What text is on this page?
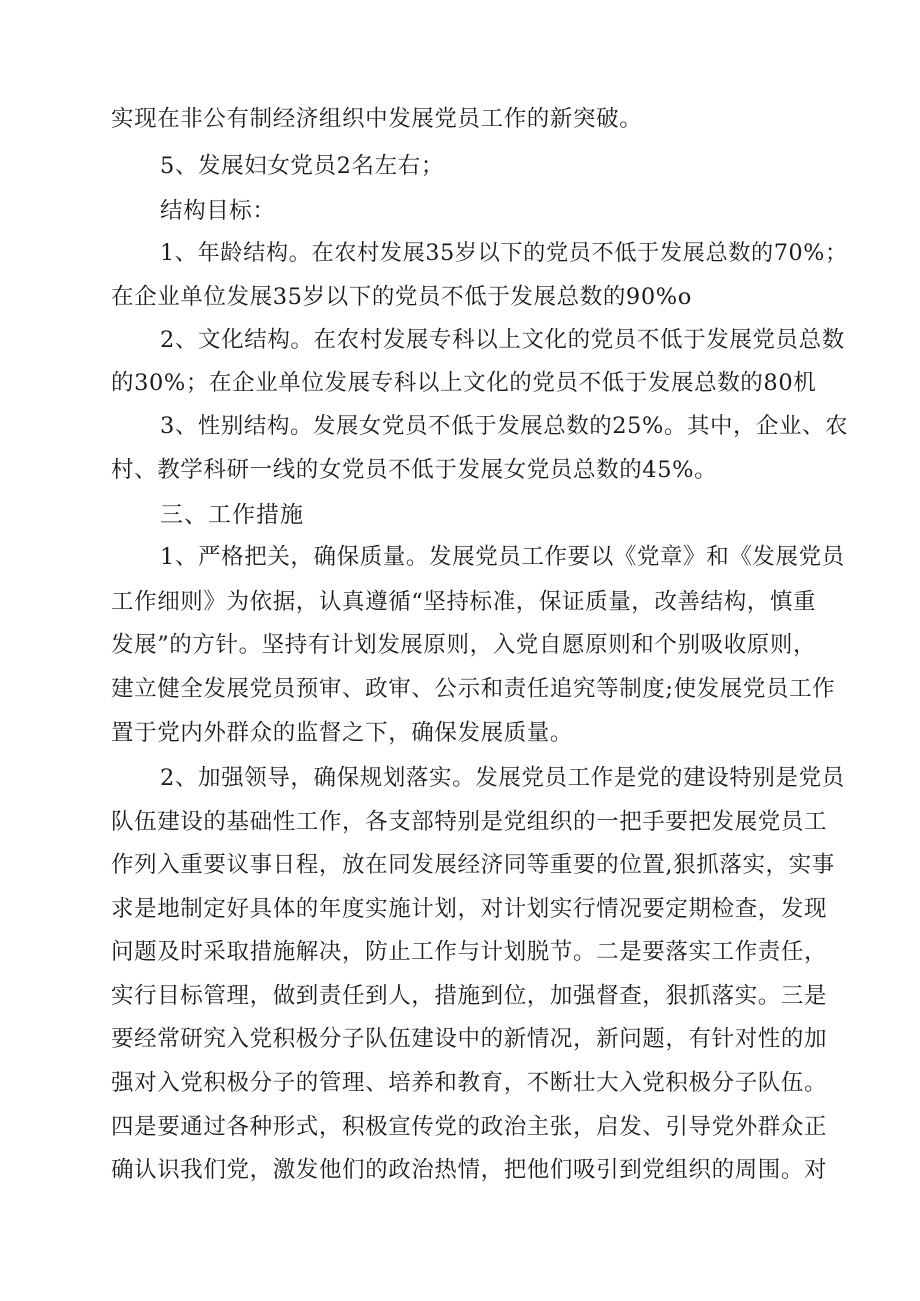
实现在非公有制经济组织中发展党员工作的新突破。
5、发展妇女党员2名左右；
结构目标：
1、年龄结构。在农村发展35岁以下的党员不低于发展总数的70%；
在企业单位发展35岁以下的党员不低于发展总数的90%o
2、文化结构。在农村发展专科以上文化的党员不低于发展党员总数
的30%；在企业单位发展专科以上文化的党员不低于发展总数的80机
3、性别结构。发展女党员不低于发展总数的25%。其中，企业、农
村、教学科研一线的女党员不低于发展女党员总数的45%。
三、工作措施
1、严格把关，确保质量。发展党员工作要以《党章》和《发展党员
工作细则》为依据，认真遵循“坚持标准，保证质量，改善结构，慎重
发展”的方针。坚持有计划发展原则，入党自愿原则和个别吸收原则，
建立健全发展党员预审、政审、公示和责任追究等制度;使发展党员工作
置于党内外群众的监督之下，确保发展质量。
2、加强领导，确保规划落实。发展党员工作是党的建设特别是党员
队伍建设的基础性工作，各支部特别是党组织的一把手要把发展党员工
作列入重要议事日程，放在同发展经济同等重要的位置,狠抓落实，实事
求是地制定好具体的年度实施计划，对计划实行情况要定期检查，发现
问题及时采取措施解决，防止工作与计划脱节。二是要落实工作责任，
实行目标管理，做到责任到人，措施到位，加强督查，狠抓落实。三是
要经常研究入党积极分子队伍建设中的新情况，新问题，有针对性的加
强对入党积极分子的管理、培养和教育，不断壮大入党积极分子队伍。
四是要通过各种形式，积极宣传党的政治主张，启发、引导党外群众正
确认识我们党，激发他们的政治热情，把他们吸引到党组织的周围。对
